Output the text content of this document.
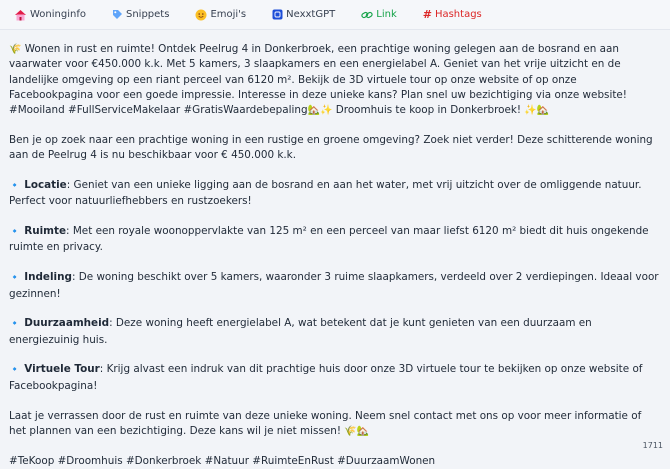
Woninginfo	Snippets	Emoji's	NexxtGPT	Link # Hashtags

🌾 Wonen in rust en ruimte! Ontdek Peelrug 4 in Donkerbroek, een prachtige woning gelegen aan de bosrand en aan vaarwater voor €450.000 k.k. Met 5 kamers, 3 slaapkamers en een energielabel A. Geniet van het vrije uitzicht en de landelijke omgeving op een riant perceel van 6120 m². Bekijk de 3D virtuele tour op onze website of op onze Facebookpagina voor een goede impressie. Interesse in deze unieke kans? Plan snel uw bezichtiging via onze website! #Mooiland #FullServiceMakelaar #GratisWaardebepaling🏡✨ Droomhuis te koop in Donkerbroek! ✨🏡

Ben je op zoek naar een prachtige woning in een rustige en groene omgeving? Zoek niet verder! Deze schitterende woning aan de Peelrug 4 is nu beschikbaar voor € 450.000 k.k.

🔹 Locatie: Geniet van een unieke ligging aan de bosrand en aan het water, met vrij uitzicht over de omliggende natuur. Perfect voor natuurliefhebbers en rustzoekers!

🔹 Ruimte: Met een royale woonoppervlakte van 125 m² en een perceel van maar liefst 6120 m² biedt dit huis ongekende ruimte en privacy.

🔹 Indeling: De woning beschikt over 5 kamers, waaronder 3 ruime slaapkamers, verdeeld over 2 verdiepingen. Ideaal voor gezinnen!

🔹 Duurzaamheid: Deze woning heeft energielabel A, wat betekent dat je kunt genieten van een duurzaam en energiezuinig huis.

🔹 Virtuele Tour: Krijg alvast een indruk van dit prachtige huis door onze 3D virtuele tour te bekijken op onze website of Facebookpagina!

Laat je verrassen door de rust en ruimte van deze unieke woning. Neem snel contact met ons op voor meer informatie of het plannen van een bezichtiging. Deze kans wil je niet missen! 🌾🏡

#TeKoop #Droomhuis #Donkerbroek #Natuur #RuimteEnRust #DuurzaamWonen

1711
